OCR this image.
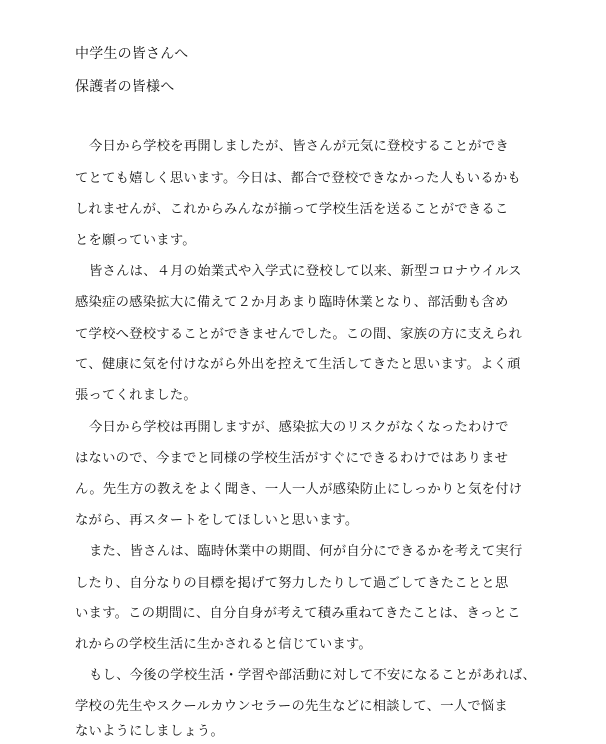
中学生の皆さんへ
保護者の皆様へ
今日から学校を再開しましたが、皆さんが元気に登校することができ
てとても嬉しく思います。今日は、都合で登校できなかった人もいるかも
しれませんが、これからみんなが揃って学校生活を送ることができるこ
とを願っています。
皆さんは、４月の始業式や入学式に登校して以来、新型コロナウイルス
感染症の感染拡大に備えて２か月あまり臨時休業となり、部活動も含め
て学校へ登校することができませんでした。この間、家族の方に支えられ
て、健康に気を付けながら外出を控えて生活してきたと思います。よく頑
張ってくれました。
今日から学校は再開しますが、感染拡大のリスクがなくなったわけで
はないので、今までと同様の学校生活がすぐにできるわけではありませ
ん。先生方の教えをよく聞き、一人一人が感染防止にしっかりと気を付け
ながら、再スタートをしてほしいと思います。
また、皆さんは、臨時休業中の期間、何が自分にできるかを考えて実行
したり、自分なりの目標を掲げて努力したりして過ごしてきたことと思
います。この期間に、自分自身が考えて積み重ねてきたことは、きっとこ
れからの学校生活に生かされると信じています。
もし、今後の学校生活・学習や部活動に対して不安になることがあれば、
学校の先生やスクールカウンセラーの先生などに相談して、一人で悩ま
ないようにしましょう。
